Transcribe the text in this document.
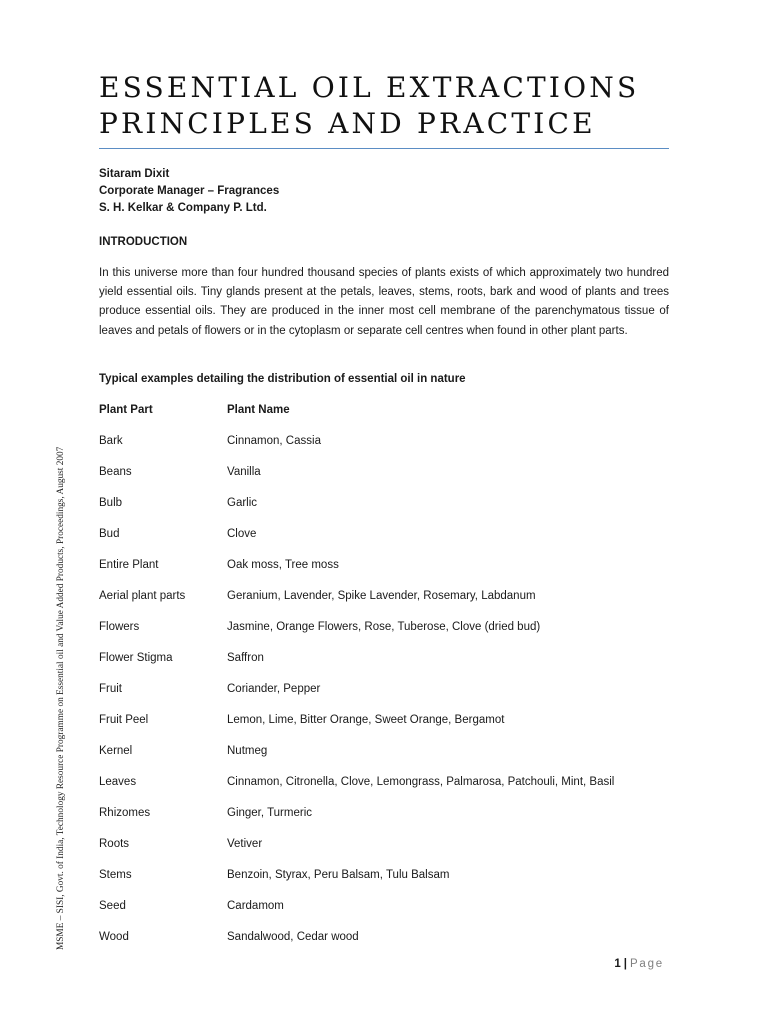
ESSENTIAL OIL EXTRACTIONS
PRINCIPLES AND PRACTICE
Sitaram Dixit
Corporate Manager – Fragrances
S. H. Kelkar & Company P. Ltd.
INTRODUCTION

In this universe more than four hundred thousand species of plants exists of which approximately two hundred yield essential oils. Tiny glands present at the petals, leaves, stems, roots, bark and wood of plants and trees produce essential oils. They are produced in the inner most cell membrane of the parenchymatous tissue of leaves and petals of flowers or in the cytoplasm or separate cell centres when found in other plant parts.

Typical examples detailing the distribution of essential oil in nature
Plant Part	Plant Name
Bark	Cinnamon, Cassia
Beans	Vanilla
Bulb	Garlic
Bud	Clove
Entire Plant	Oak moss, Tree moss
Aerial plant parts	Geranium, Lavender, Spike Lavender, Rosemary, Labdanum
Flowers	Jasmine, Orange Flowers, Rose, Tuberose, Clove (dried bud)
Flower Stigma	Saffron
Fruit	Coriander, Pepper
Fruit Peel	Lemon, Lime, Bitter Orange, Sweet Orange, Bergamot
Kernel	Nutmeg
Leaves	Cinnamon, Citronella, Clove, Lemongrass, Palmarosa, Patchouli, Mint, Basil
Rhizomes	Ginger, Turmeric
Roots	Vetiver
Stems	Benzoin, Styrax, Peru Balsam, Tulu Balsam
Seed	Cardamom
Wood	Sandalwood, Cedar wood
MSME – SISI, Govt. of India, Technology Resource Programme on Essential oil and Value Added Products, Proceedings, August 2007
1 | Page
